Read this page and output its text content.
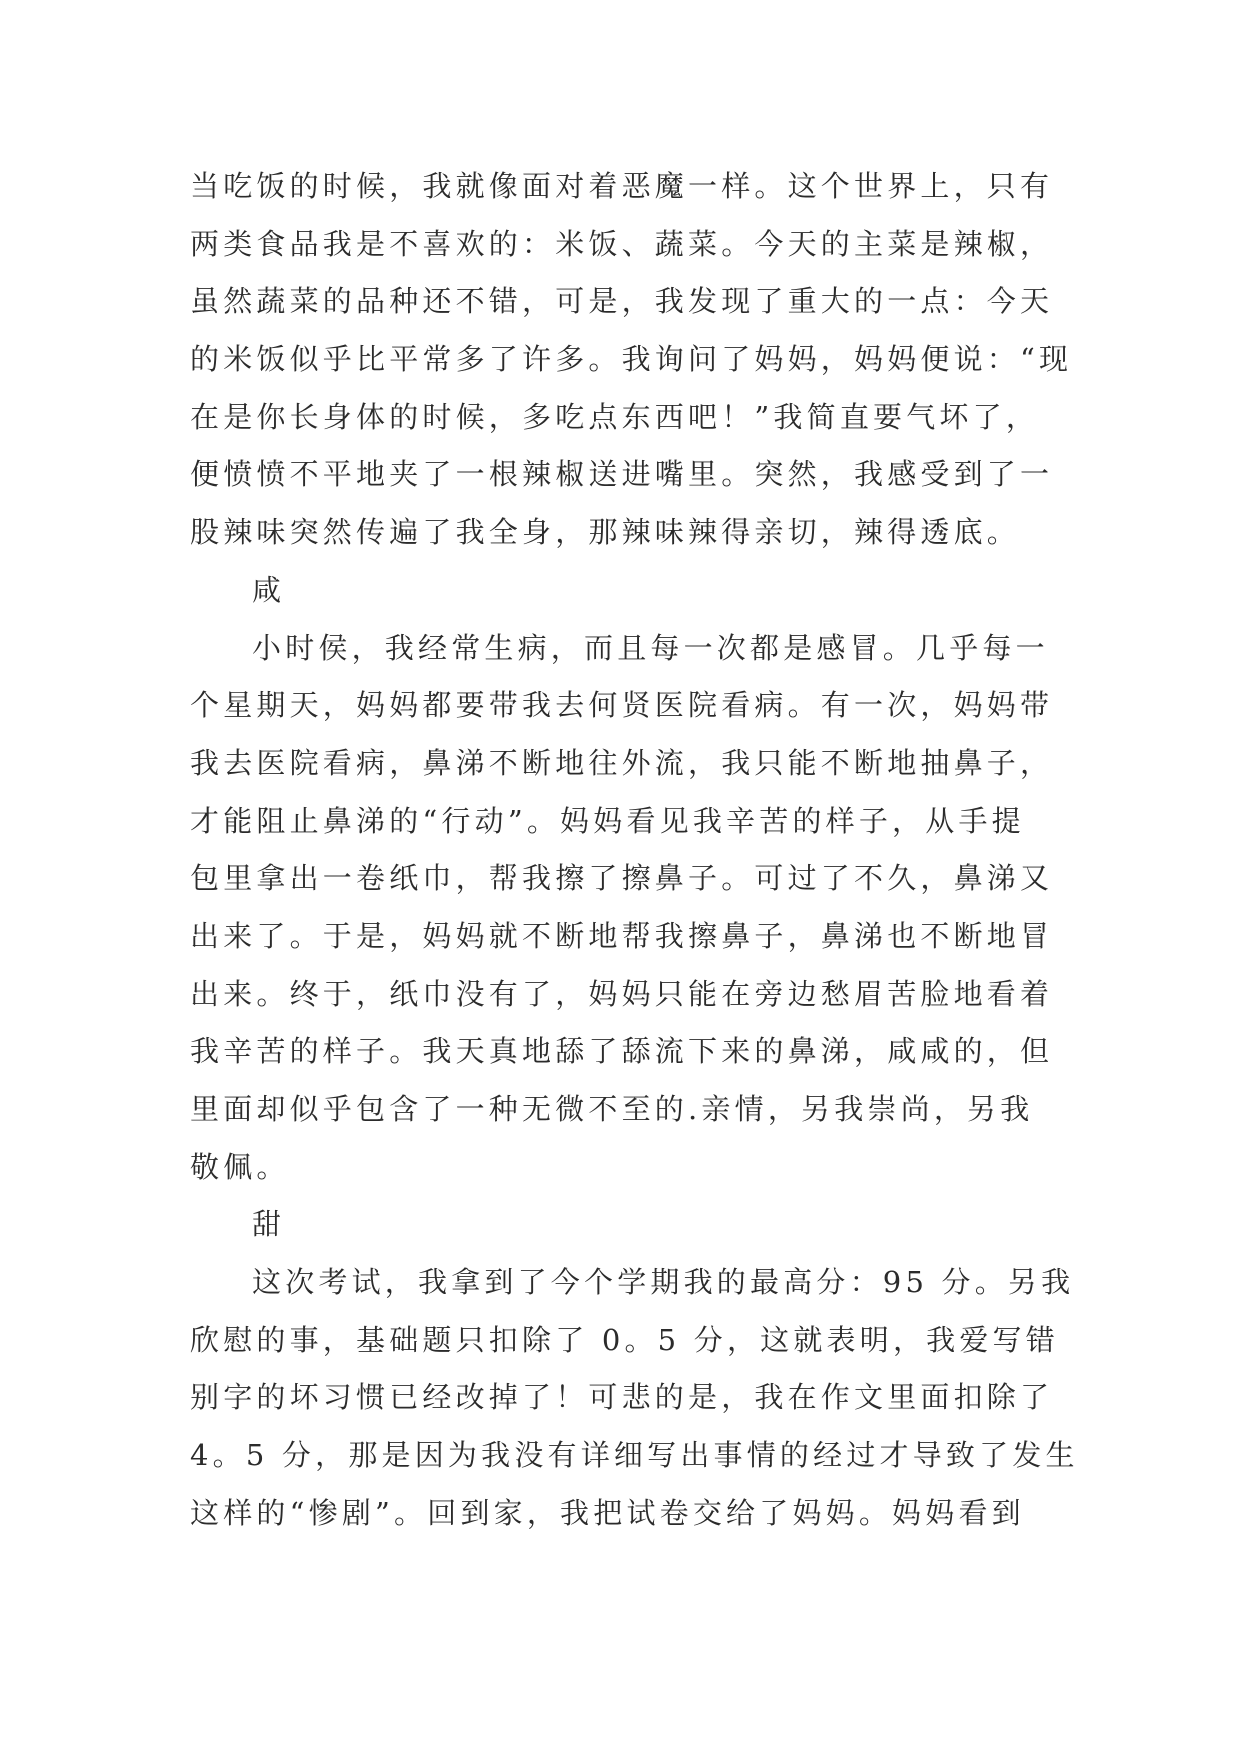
当吃饭的时候，我就像面对着恶魔一样。这个世界上，只有
两类食品我是不喜欢的：米饭、蔬菜。今天的主菜是辣椒，
虽然蔬菜的品种还不错，可是，我发现了重大的一点：今天
的米饭似乎比平常多了许多。我询问了妈妈，妈妈便说：“现
在是你长身体的时候，多吃点东西吧！”我简直要气坏了，
便愤愤不平地夹了一根辣椒送进嘴里。突然，我感受到了一
股辣味突然传遍了我全身，那辣味辣得亲切，辣得透底。
咸
小时侯，我经常生病，而且每一次都是感冒。几乎每一
个星期天，妈妈都要带我去何贤医院看病。有一次，妈妈带
我去医院看病，鼻涕不断地往外流，我只能不断地抽鼻子，
才能阻止鼻涕的“行动”。妈妈看见我辛苦的样子，从手提
包里拿出一卷纸巾，帮我擦了擦鼻子。可过了不久，鼻涕又
出来了。于是，妈妈就不断地帮我擦鼻子，鼻涕也不断地冒
出来。终于，纸巾没有了，妈妈只能在旁边愁眉苦脸地看着
我辛苦的样子。我天真地舔了舔流下来的鼻涕，咸咸的，但
里面却似乎包含了一种无微不至的.亲情，另我崇尚，另我
敬佩。
甜
这次考试，我拿到了今个学期我的最高分：95 分。另我
欣慰的事，基础题只扣除了 0。5 分，这就表明，我爱写错
别字的坏习惯已经改掉了！可悲的是，我在作文里面扣除了
4。5 分，那是因为我没有详细写出事情的经过才导致了发生
这样的“惨剧”。回到家，我把试卷交给了妈妈。妈妈看到
